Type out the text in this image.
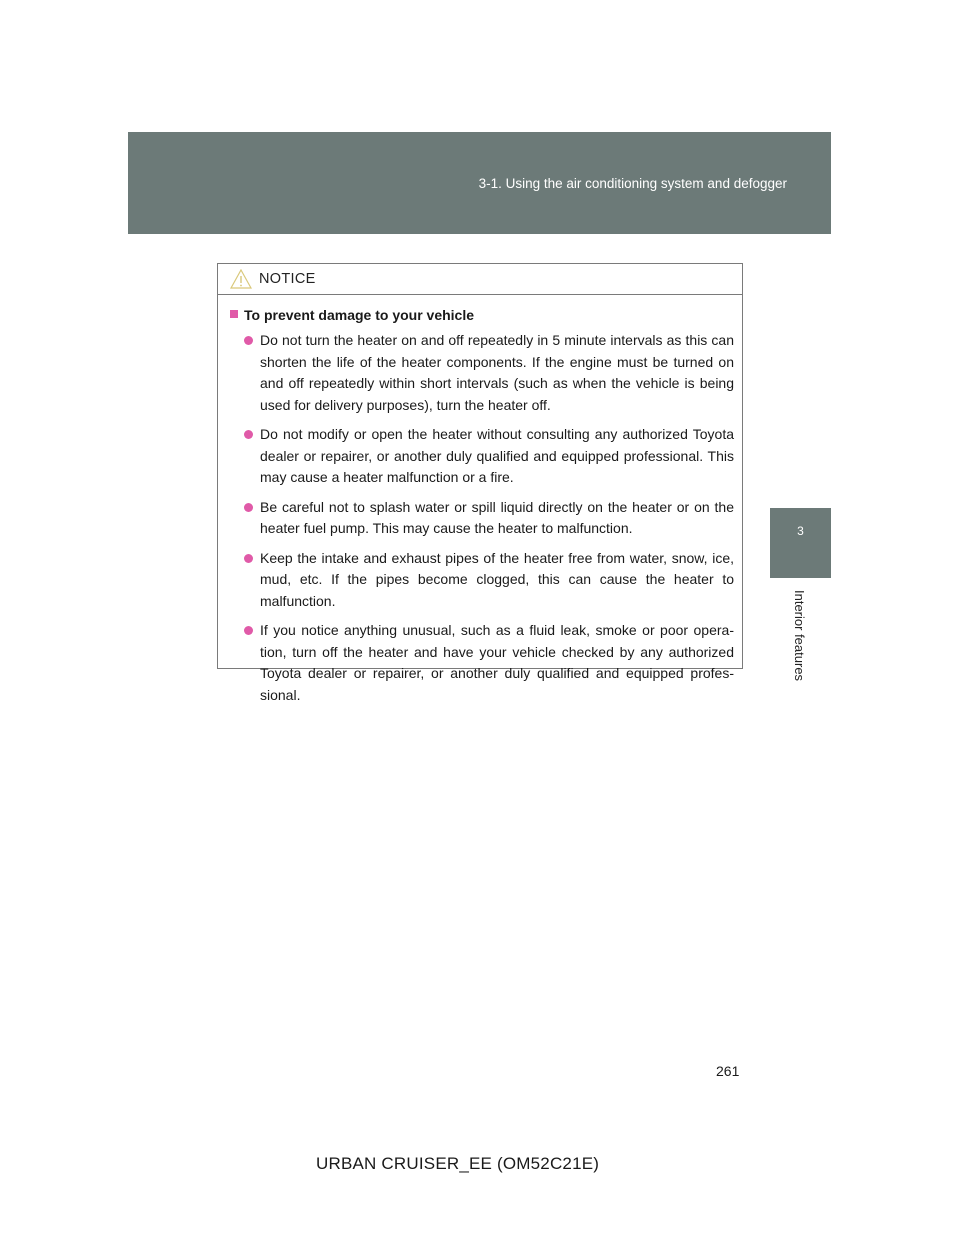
3-1. Using the air conditioning system and defogger
3
Interior features
NOTICE
To prevent damage to your vehicle
Do not turn the heater on and off repeatedly in 5 minute intervals as this can shorten the life of the heater components. If the engine must be turned on and off repeatedly within short intervals (such as when the vehicle is being used for delivery purposes), turn the heater off.
Do not modify or open the heater without consulting any authorized Toyota dealer or repairer, or another duly qualified and equipped professional. This may cause a heater malfunction or a fire.
Be careful not to splash water or spill liquid directly on the heater or on the heater fuel pump. This may cause the heater to malfunction.
Keep the intake and exhaust pipes of the heater free from water, snow, ice, mud, etc. If the pipes become clogged, this can cause the heater to malfunction.
If you notice anything unusual, such as a fluid leak, smoke or poor opera-tion, turn off the heater and have your vehicle checked by any authorized Toyota dealer or repairer, or another duly qualified and equipped profes-sional.
261
URBAN CRUISER_EE (OM52C21E)
